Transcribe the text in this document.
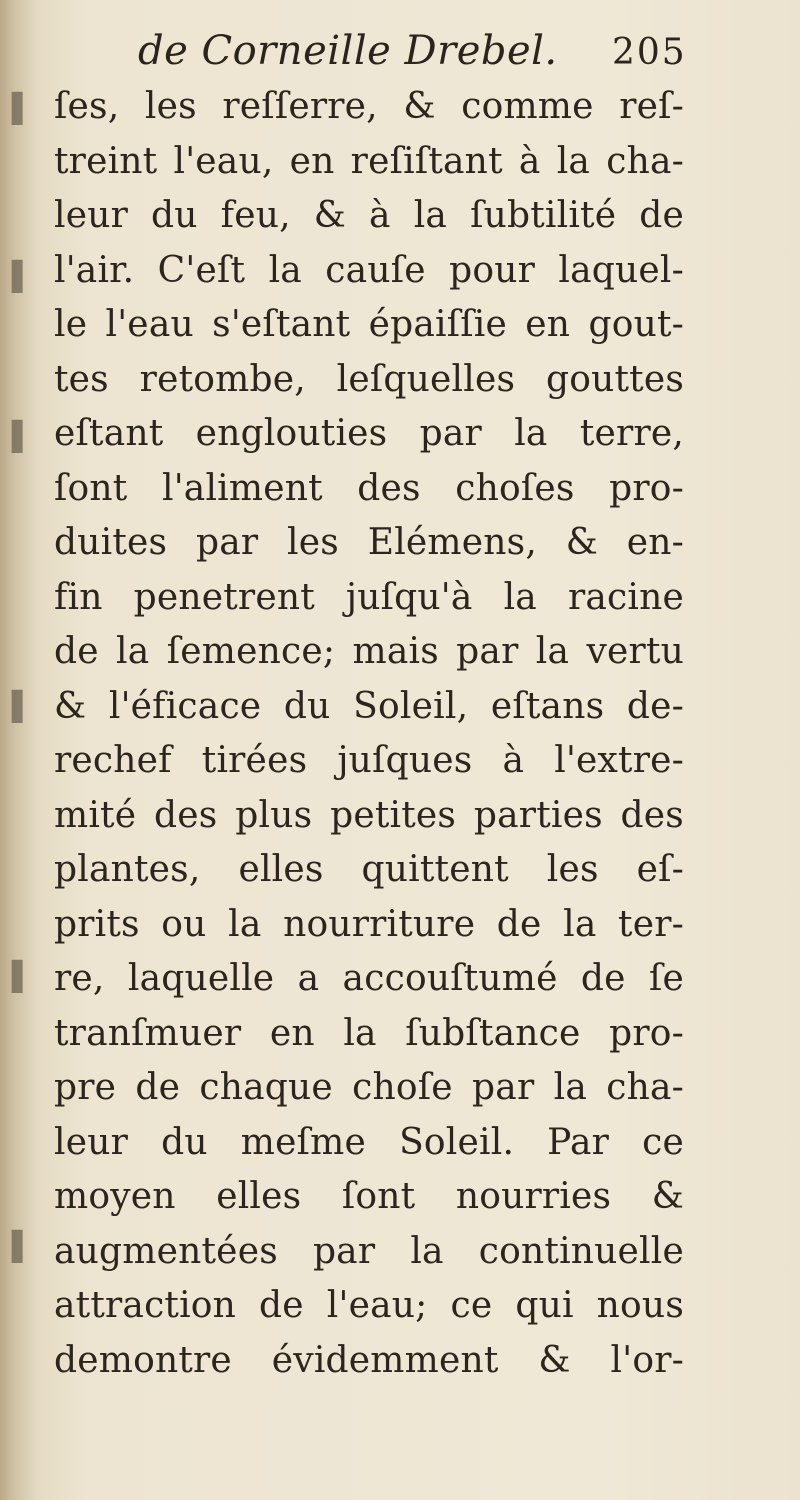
▌
▌
▌
▌
▌
▌
de Corneille Drebel. 205
ſes, les reſſerre, & comme reſ-
treint l'eau, en reſiſtant à la cha-
leur du feu, & à la ſubtilité de
l'air. C'eſt la cauſe pour laquel-
le l'eau s'eſtant épaiſſie en gout-
tes retombe, leſquelles gouttes
eſtant englouties par la terre,
ſont l'aliment des choſes pro-
duites par les Elémens, & en-
fin penetrent juſqu'à la racine
de la ſemence; mais par la vertu
& l'éficace du Soleil, eſtans de-
rechef tirées juſques à l'extre-
mité des plus petites parties des
plantes, elles quittent les eſ-
prits ou la nourriture de la ter-
re, laquelle a accouſtumé de ſe
tranſmuer en la ſubſtance pro-
pre de chaque choſe par la cha-
leur du meſme Soleil. Par ce
moyen elles ſont nourries &
augmentées par la continuelle
attraction de l'eau; ce qui nous
demontre évidemment & l'or-
